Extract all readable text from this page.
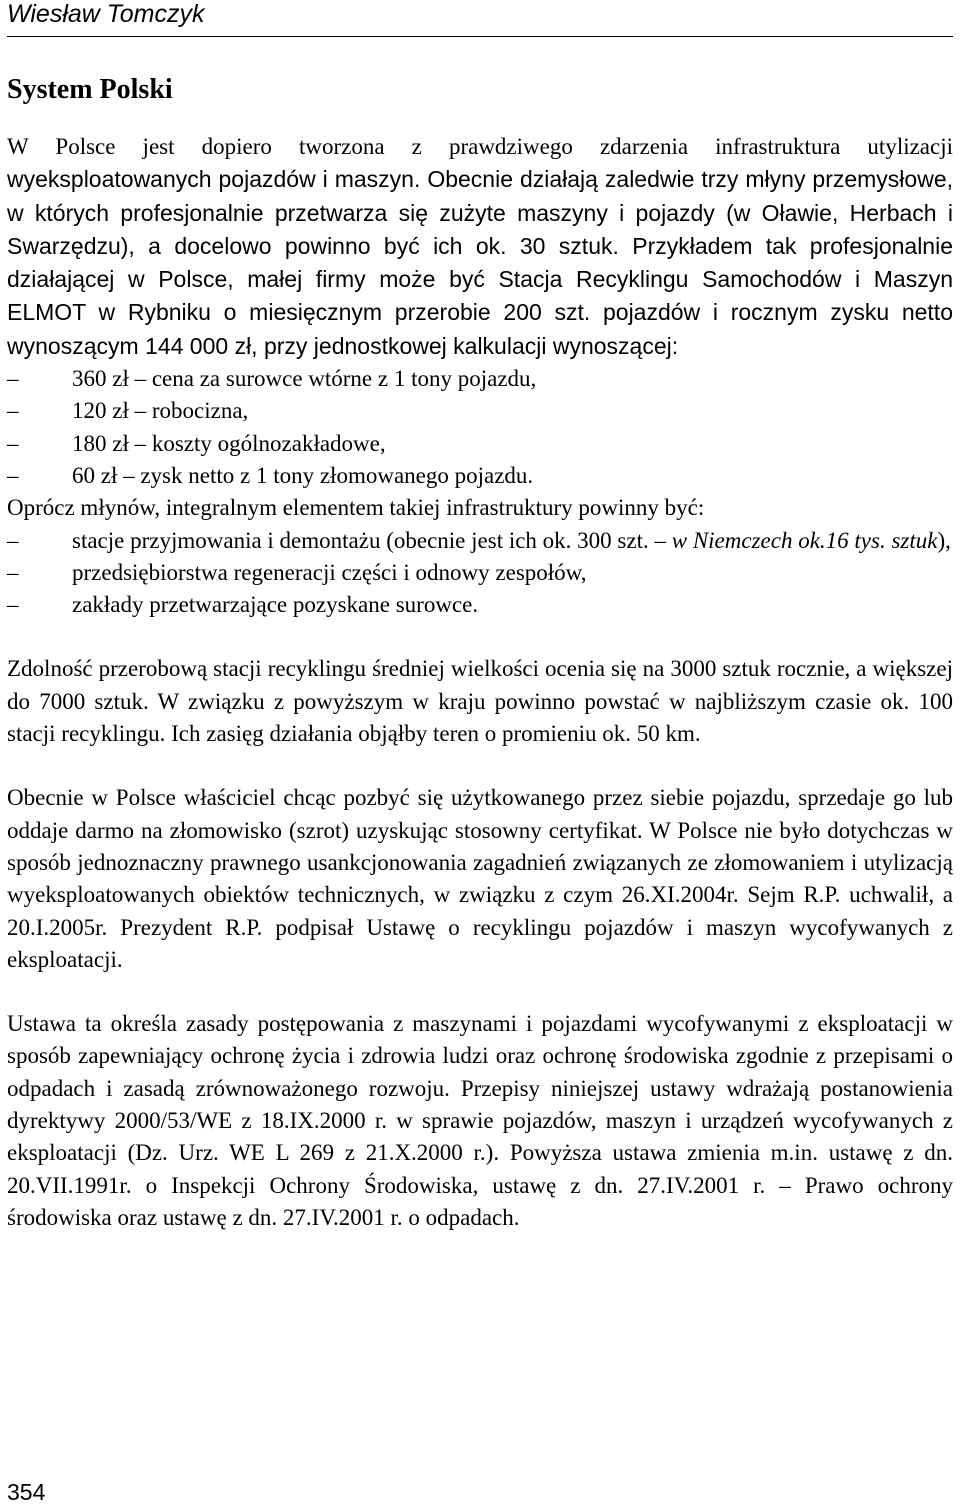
Wiesław Tomczyk
System Polski

W Polsce jest dopiero tworzona z prawdziwego zdarzenia infrastruktura utylizacji wyeksploatowanych pojazdów i maszyn. Obecnie działają zaledwie trzy młyny przemysłowe, w których profesjonalnie przetwarza się zużyte maszyny i pojazdy (w Oławie, Herbach i Swarzędzu), a docelowo powinno być ich ok. 30 sztuk. Przykładem tak profesjonalnie działającej w Polsce, małej firmy może być Stacja Recyklingu Samochodów i Maszyn ELMOT w Rybniku o miesięcznym przerobie 200 szt. pojazdów i rocznym zysku netto wynoszącym 144 000 zł, przy jednostkowej kalkulacji wynoszącej:

–	360 zł – cena za surowce wtórne z 1 tony pojazdu,
–	120 zł – robocizna,
–	180 zł – koszty ogólnozakładowe,
–	60 zł – zysk netto z 1 tony złomowanego pojazdu.

Oprócz młynów, integralnym elementem takiej infrastruktury powinny być:

–	stacje przyjmowania i demontażu (obecnie jest ich ok. 300 szt. – w Niemczech ok.16 tys. sztuk),
–	przedsiębiorstwa regeneracji części i odnowy zespołów,
–	zakłady przetwarzające pozyskane surowce.

Zdolność przerobową stacji recyklingu średniej wielkości ocenia się na 3000 sztuk rocznie, a większej do 7000 sztuk. W związku z powyższym w kraju powinno powstać w najbliższym czasie ok. 100 stacji recyklingu. Ich zasięg działania objąłby teren o promieniu ok. 50 km.

Obecnie w Polsce właściciel chcąc pozbyć się użytkowanego przez siebie pojazdu, sprzedaje go lub oddaje darmo na złomowisko (szrot) uzyskując stosowny certyfikat. W Polsce nie było dotychczas w sposób jednoznaczny prawnego usankcjonowania zagadnień związanych ze złomowaniem i utylizacją wyeksploatowanych obiektów technicznych, w związku z czym 26.XI.2004r. Sejm R.P. uchwalił, a 20.I.2005r. Prezydent R.P. podpisał Ustawę o recyklingu pojazdów i maszyn wycofywanych z eksploatacji.

Ustawa ta określa zasady postępowania z maszynami i pojazdami wycofywanymi z eksploatacji w sposób zapewniający ochronę życia i zdrowia ludzi oraz ochronę środowiska zgodnie z przepisami o odpadach i zasadą zrównoważonego rozwoju. Przepisy niniejszej ustawy wdrażają postanowienia dyrektywy 2000/53/WE z 18.IX.2000 r. w sprawie pojazdów, maszyn i urządzeń wycofywanych z eksploatacji (Dz. Urz. WE L 269 z 21.X.2000 r.). Powyższa ustawa zmienia m.in. ustawę z dn. 20.VII.1991r. o Inspekcji Ochrony Środowiska, ustawę z dn. 27.IV.2001 r. – Prawo ochrony środowiska oraz ustawę z dn. 27.IV.2001 r. o odpadach.

354
